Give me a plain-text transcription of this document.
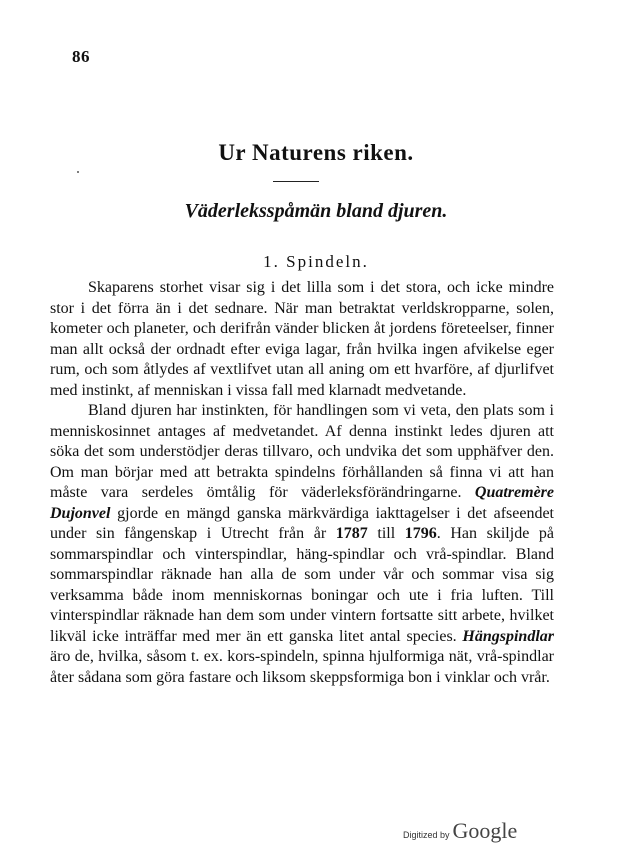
86
Ur Naturens riken.
Väderleksspåmän bland djuren.
1. Spindeln.

Skaparens storhet visar sig i det lilla som i det stora, och icke mindre stor i det förra än i det sednare. När man betraktat verldskropparne, solen, kometer och planeter, och derifrån vänder blicken åt jordens företeelser, finner man allt också der ordnadt efter eviga lagar, från hvilka ingen afvikelse eger rum, och som åtlydes af vextlifvet utan all aning om ett hvarföre, af djurlifvet med instinkt, af menniskan i vissa fall med klarnadt medvetande.

Bland djuren har instinkten, för handlingen som vi veta, den plats som i menniskosinnet antages af medvetandet. Af denna instinkt ledes djuren att söka det som understödjer deras tillvaro, och undvika det som upphäfver den. Om man börjar med att betrakta spindelns förhållanden så finna vi att han måste vara serdeles ömtålig för väderleksförändringarne. Quatremère Dujonvel gjorde en mängd ganska märkvärdiga iakttagelser i det afseendet under sin fångenskap i Utrecht från år 1787 till 1796. Han skiljde på sommarspindlar och vinterspindlar, häng-spindlar och vrå-spindlar. Bland sommarspindlar räknade han alla de som under vår och sommar visa sig verksamma både inom menniskornas boningar och ute i fria luften. Till vinterspindlar räknade han dem som under vintern fortsatte sitt arbete, hvilket likväl icke inträffar med mer än ett ganska litet antal species. Hängspindlar äro de, hvilka, såsom t. ex. kors-spindeln, spinna hjulformiga nät, vrå-spindlar åter sådana som göra fastare och liksom skeppsformiga bon i vinklar och vrår.

Digitized by Google
